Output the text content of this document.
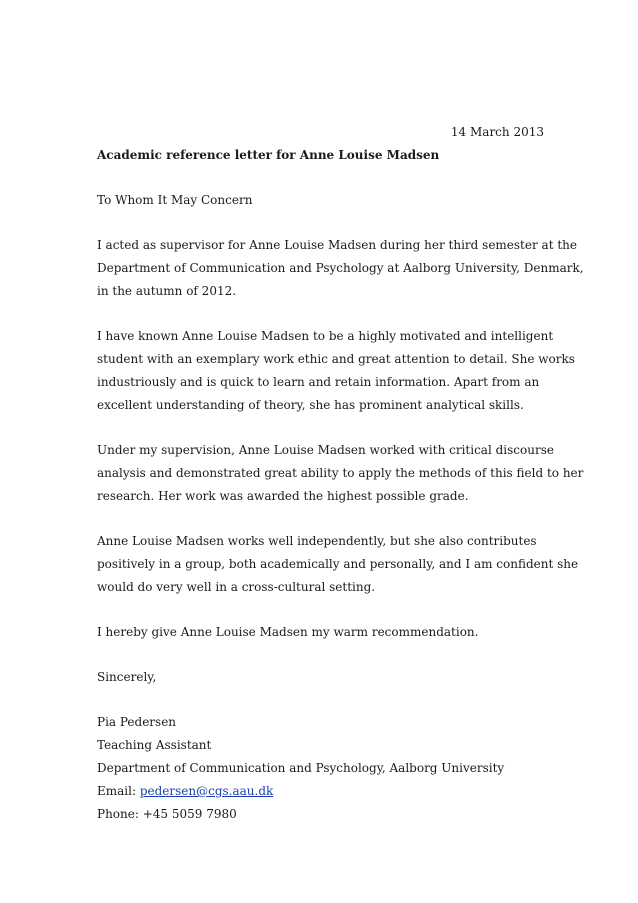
14 March 2013
Academic reference letter for Anne Louise Madsen
To Whom It May Concern
I acted as supervisor for Anne Louise Madsen during her third semester at the
Department of Communication and Psychology at Aalborg University, Denmark,
in the autumn of 2012.
I have known Anne Louise Madsen to be a highly motivated and intelligent
student with an exemplary work ethic and great attention to detail. She works
industriously and is quick to learn and retain information. Apart from an
excellent understanding of theory, she has prominent analytical skills.
Under my supervision, Anne Louise Madsen worked with critical discourse
analysis and demonstrated great ability to apply the methods of this field to her
research. Her work was awarded the highest possible grade.
Anne Louise Madsen works well independently, but she also contributes
positively in a group, both academically and personally, and I am confident she
would do very well in a cross-cultural setting.
I hereby give Anne Louise Madsen my warm recommendation.
Sincerely,
Pia Pedersen
Teaching Assistant
Department of Communication and Psychology, Aalborg University
Email: pedersen@cgs.aau.dk
Phone: +45 5059 7980
